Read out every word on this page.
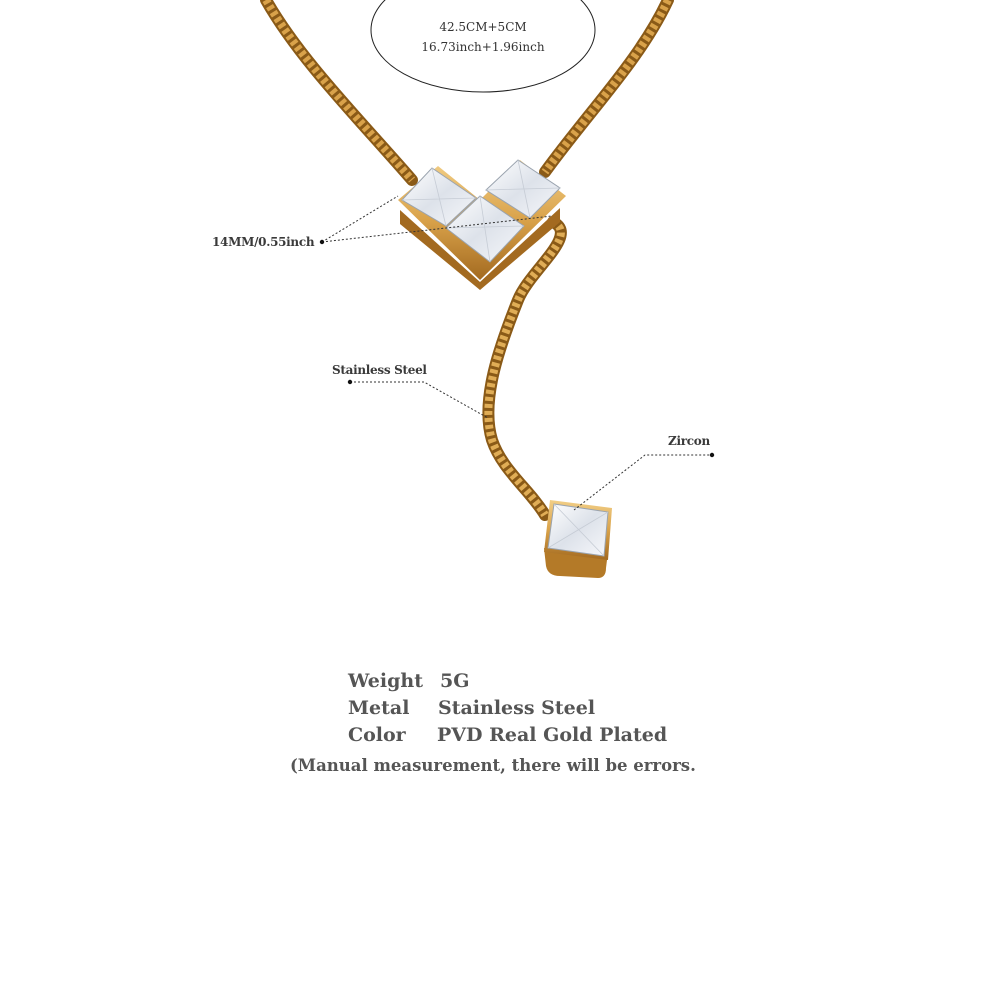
42.5CM+5CM
16.73inch+1.96inch
14MM/0.55inch
Stainless Steel
Zircon
Weight 5G
Metal Stainless Steel
Color PVD Real Gold Plated
(Manual measurement, there will be errors.
